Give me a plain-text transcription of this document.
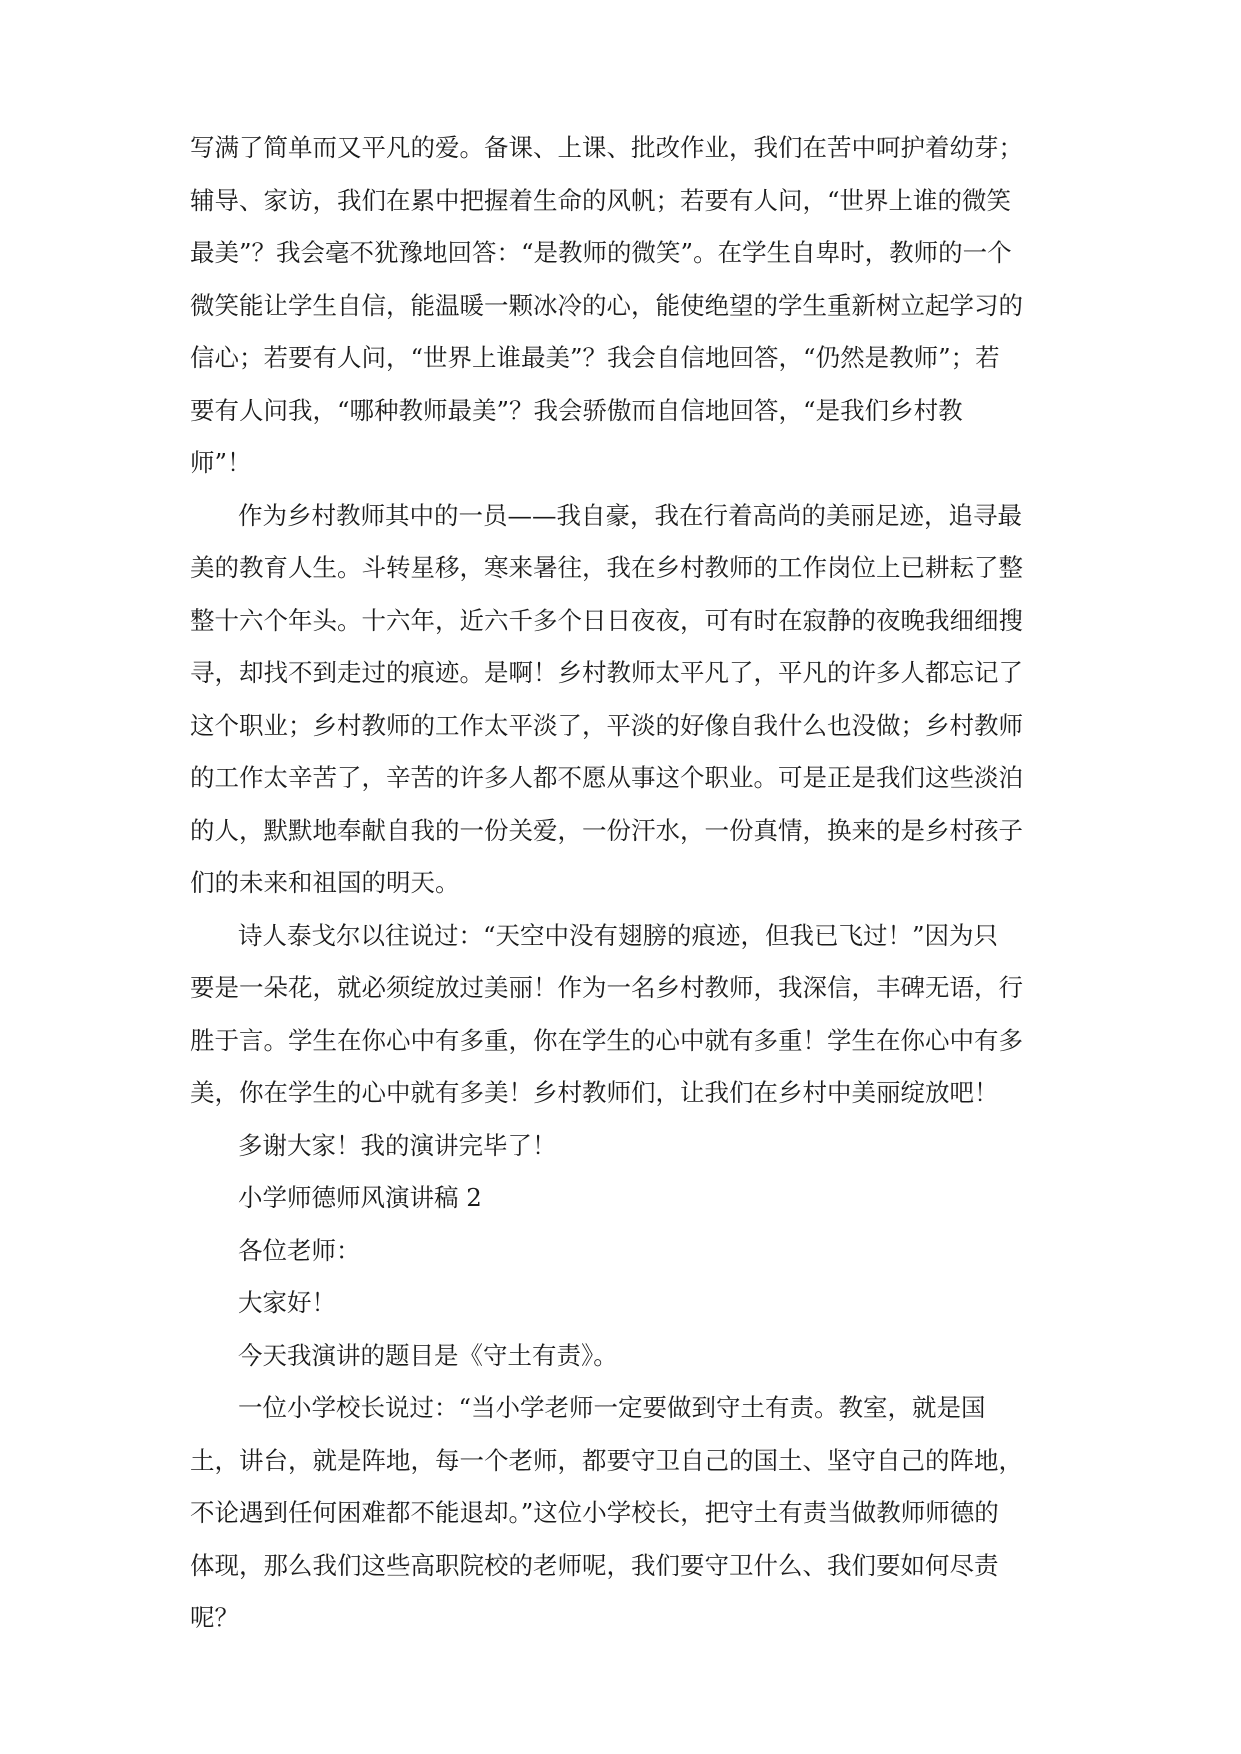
写满了简单而又平凡的爱。备课、上课、批改作业，我们在苦中呵护着幼芽；
辅导、家访，我们在累中把握着生命的风帆；若要有人问，“世界上谁的微笑
最美”？我会毫不犹豫地回答：“是教师的微笑”。在学生自卑时，教师的一个
微笑能让学生自信，能温暖一颗冰冷的心，能使绝望的学生重新树立起学习的
信心；若要有人问，“世界上谁最美”？我会自信地回答，“仍然是教师”；若
要有人问我，“哪种教师最美”？我会骄傲而自信地回答，“是我们乡村教
师”！
作为乡村教师其中的一员——我自豪，我在行着高尚的美丽足迹，追寻最
美的教育人生。斗转星移，寒来暑往，我在乡村教师的工作岗位上已耕耘了整
整十六个年头。十六年，近六千多个日日夜夜，可有时在寂静的夜晚我细细搜
寻，却找不到走过的痕迹。是啊！乡村教师太平凡了，平凡的许多人都忘记了
这个职业；乡村教师的工作太平淡了，平淡的好像自我什么也没做；乡村教师
的工作太辛苦了，辛苦的许多人都不愿从事这个职业。可是正是我们这些淡泊
的人，默默地奉献自我的一份关爱，一份汗水，一份真情，换来的是乡村孩子
们的未来和祖国的明天。
诗人泰戈尔以往说过：“天空中没有翅膀的痕迹，但我已飞过！”因为只
要是一朵花，就必须绽放过美丽！作为一名乡村教师，我深信，丰碑无语，行
胜于言。学生在你心中有多重，你在学生的心中就有多重！学生在你心中有多
美，你在学生的心中就有多美！乡村教师们，让我们在乡村中美丽绽放吧！
多谢大家！我的演讲完毕了！
小学师德师风演讲稿 2
各位老师：
大家好！
今天我演讲的题目是《守土有责》。
一位小学校长说过：“当小学老师一定要做到守土有责。教室，就是国
土，讲台，就是阵地，每一个老师，都要守卫自己的国土、坚守自己的阵地，
不论遇到任何困难都不能退却。”这位小学校长，把守土有责当做教师师德的
体现，那么我们这些高职院校的老师呢，我们要守卫什么、我们要如何尽责
呢？
